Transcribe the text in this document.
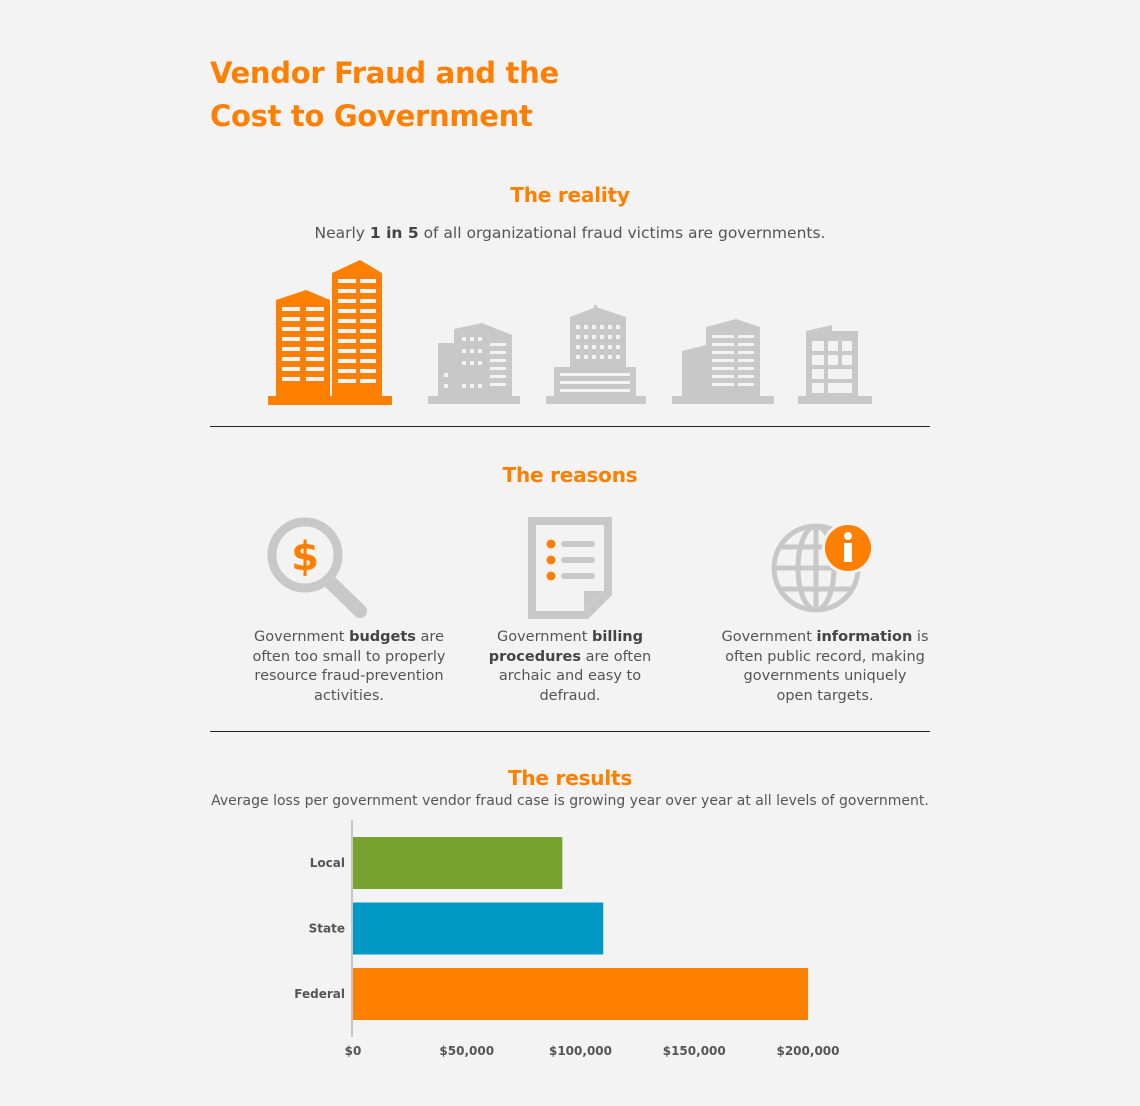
Vendor Fraud and the
Cost to Government
The reality
Nearly 1 in 5 of all organizational fraud victims are governments.
The reasons
$
Government budgets are
often too small to properly
resource fraud-prevention
activities.
Government billing
procedures are often
archaic and easy to
defraud.
Government information is
often public record, making
governments uniquely
open targets.
The results
Average loss per government vendor fraud case is growing year over year at all levels of government.
Local
State
Federal
$0	$50,000	$100,000	$150,000	$200,000
